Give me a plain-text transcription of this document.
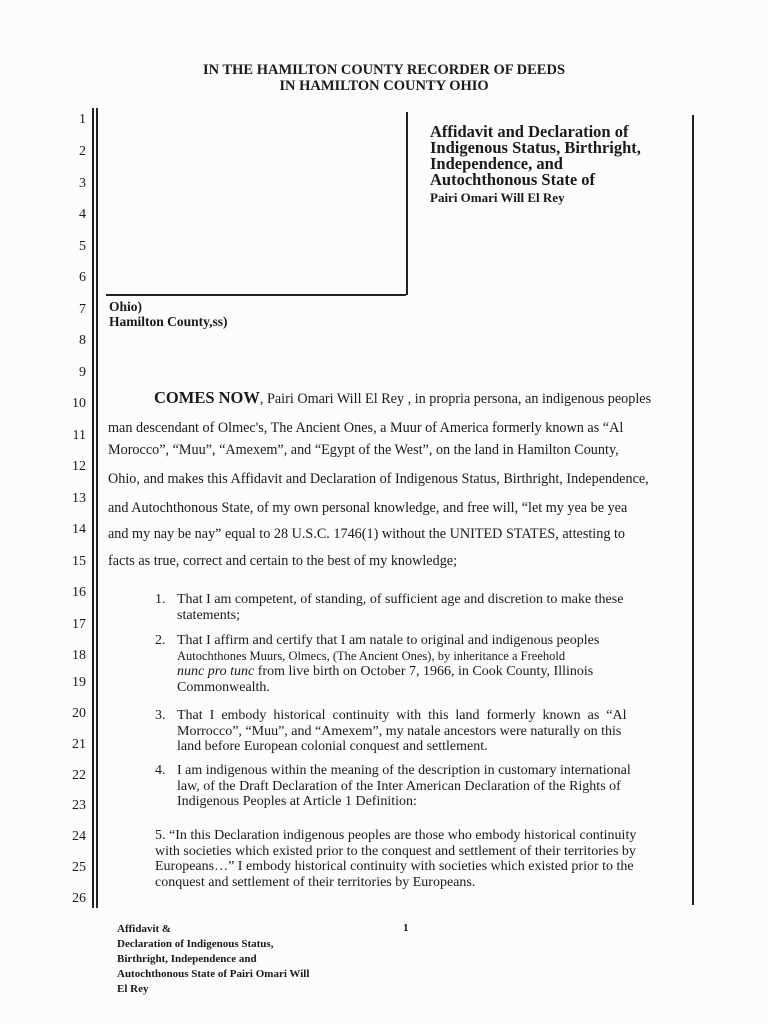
IN THE HAMILTON COUNTY RECORDER OF DEEDS
IN HAMILTON COUNTY OHIO
1
2
3
4
5
6
7
8
9
10
11
12
13
14
15
16
17
18
19
20
21
22
23
24
25
26
Affidavit and Declaration of
Indigenous Status, Birthright,
Independence, and
Autochthonous State of
Pairi Omari Will El Rey
Ohio)
Hamilton County,ss)
COMES NOW, Pairi Omari Will El Rey , in propria persona, an indigenous peoples
man descendant of Olmec's, The Ancient Ones, a Muur of America formerly known as “Al
Morocco”, “Muu”, “Amexem”, and “Egypt of the West”, on the land in Hamilton County,
Ohio, and makes this Affidavit and Declaration of Indigenous Status, Birthright, Independence,
and Autochthonous State, of my own personal knowledge, and free will, “let my yea be yea
and my nay be nay” equal to 28 U.S.C. 1746(1) without the UNITED STATES, attesting to
facts as true, correct and certain to the best of my knowledge;
1. That I am competent, of standing, of sufficient age and discretion to make these
statements;
2. That I affirm and certify that I am natale to original and indigenous peoples
Autochthones Muurs, Olmecs, (The Ancient Ones), by inheritance a Freehold
nunc pro tunc from live birth on October 7, 1966, in Cook County, Illinois
Commonwealth.
3. That  I  embody  historical  continuity  with  this  land  formerly  known  as  “Al
Morrocco”, “Muu”, and “Amexem”, my natale ancestors were naturally on this
land before European colonial conquest and settlement.
4. I am indigenous within the meaning of the description in customary international
law, of the Draft Declaration of the Inter American Declaration of the Rights of
Indigenous Peoples at Article 1 Definition:
5. “In this Declaration indigenous peoples are those who embody historical continuity
with societies which existed prior to the conquest and settlement of their territories by
Europeans…” I embody historical continuity with societies which existed prior to the
conquest and settlement of their territories by Europeans.
Affidavit &
Declaration of Indigenous Status,
Birthright, Independence and
Autochthonous State of Pairi Omari Will
El Rey
1
